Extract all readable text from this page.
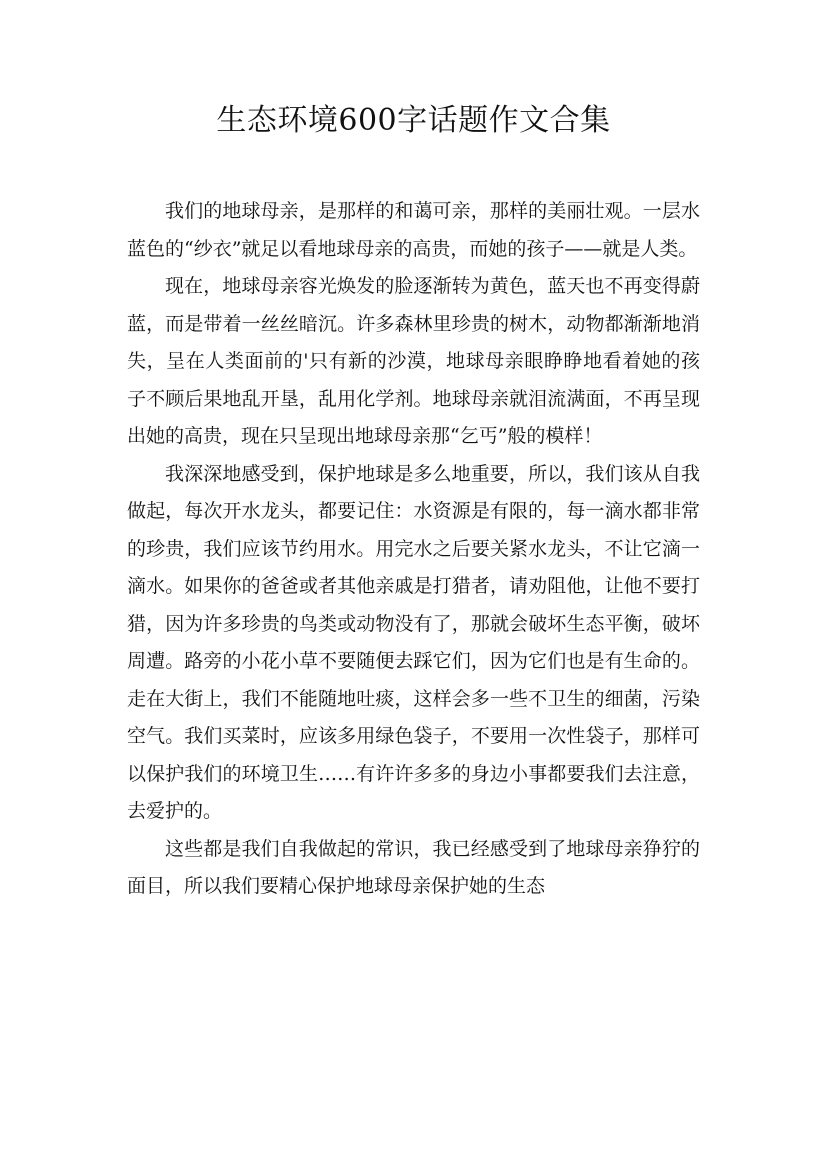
生态环境600字话题作文合集

我们的地球母亲，是那样的和蔼可亲，那样的美丽壮观。一层水蓝色的“纱衣”就足以看地球母亲的高贵，而她的孩子——就是人类。

现在，地球母亲容光焕发的脸逐渐转为黄色，蓝天也不再变得蔚蓝，而是带着一丝丝暗沉。许多森林里珍贵的树木，动物都渐渐地消失，呈在人类面前的'只有新的沙漠，地球母亲眼睁睁地看着她的孩子不顾后果地乱开垦，乱用化学剂。地球母亲就泪流满面，不再呈现出她的高贵，现在只呈现出地球母亲那“乞丐”般的模样！

我深深地感受到，保护地球是多么地重要，所以，我们该从自我做起，每次开水龙头，都要记住：水资源是有限的，每一滴水都非常的珍贵，我们应该节约用水。用完水之后要关紧水龙头，不让它滴一滴水。如果你的爸爸或者其他亲戚是打猎者，请劝阻他，让他不要打猎，因为许多珍贵的鸟类或动物没有了，那就会破坏生态平衡，破坏周遭。路旁的小花小草不要随便去踩它们，因为它们也是有生命的。走在大街上，我们不能随地吐痰，这样会多一些不卫生的细菌，污染空气。我们买菜时，应该多用绿色袋子，不要用一次性袋子，那样可以保护我们的环境卫生……有许许多多的身边小事都要我们去注意，去爱护的。

这些都是我们自我做起的常识，我已经感受到了地球母亲狰狞的面目，所以我们要精心保护地球母亲保护她的生态
